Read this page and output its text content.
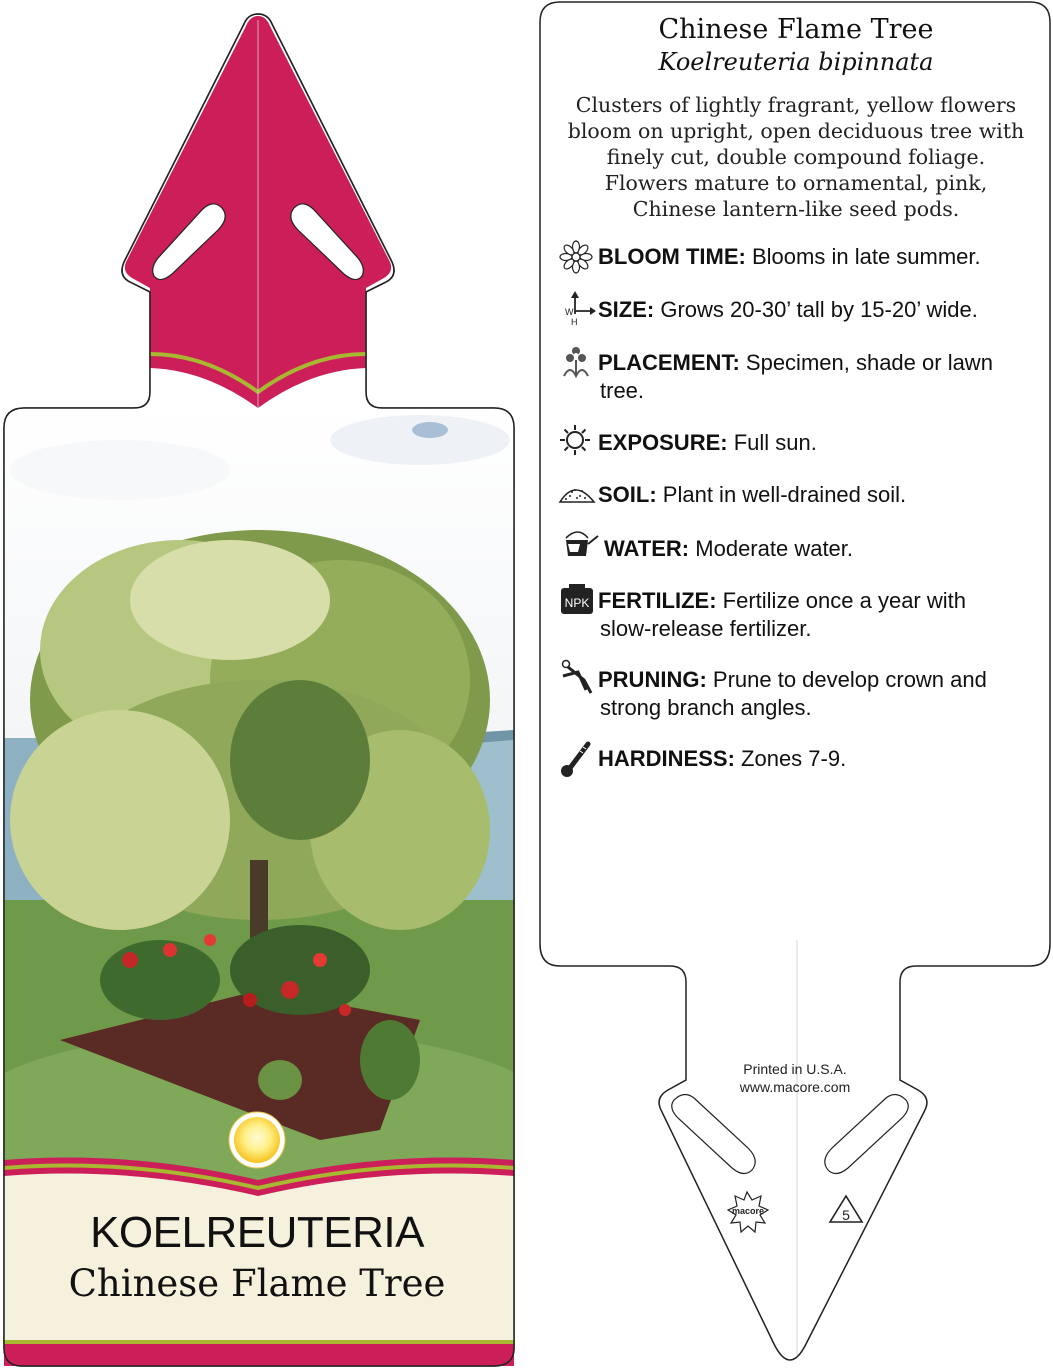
macore	5
W
H
NPK
KOELREUTERIA
Chinese Flame Tree
Chinese Flame Tree
Koelreuteria bipinnata
Clusters of lightly fragrant, yellow flowers bloom on upright, open deciduous tree with finely cut, double compound foliage. Flowers mature to ornamental, pink, Chinese lantern-like seed pods.
BLOOM TIME: Blooms in late summer.
SIZE: Grows 20-30’ tall by 15-20’ wide.
PLACEMENT: Specimen, shade or lawn
tree.
EXPOSURE: Full sun.
SOIL: Plant in well-drained soil.
WATER: Moderate water.
FERTILIZE: Fertilize once a year with
slow-release fertilizer.
PRUNING: Prune to develop crown and
strong branch angles.
HARDINESS: Zones 7-9.
Printed in U.S.A.
www.macore.com
